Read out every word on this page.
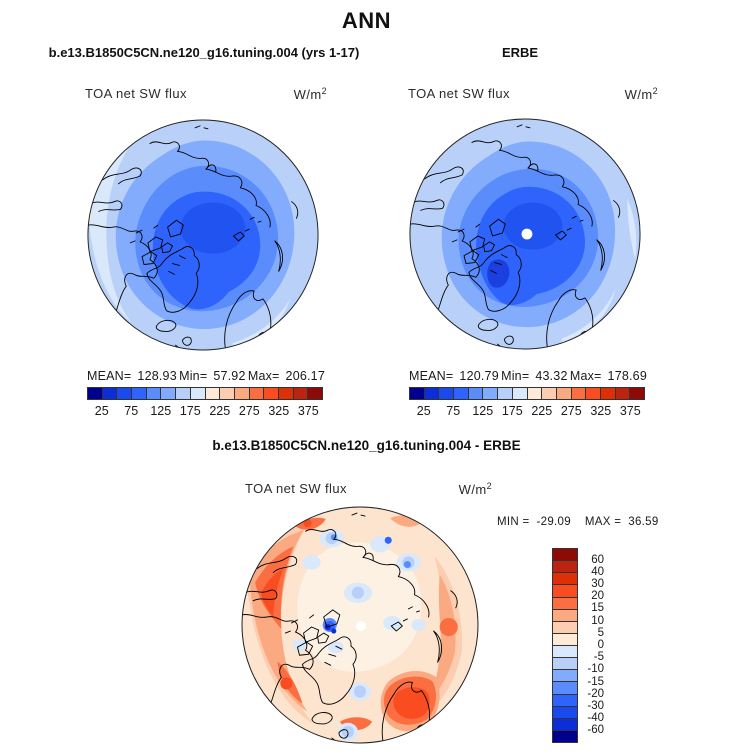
ANN
b.e13.B1850C5CN.ne120_g16.tuning.004 (yrs 1-17)	ERBE
TOA net SW flux	$W/m^2$	TOA net SW flux	$W/m^2$
MEAN= 128.93 Min= 57.92 Max= 206.17
25 75 125 175 225 275 325 375
MEAN= 120.79 Min= 43.32 Max= 178.69
25 75 125 175 225 275 325 375
b.e13.B1850C5CN.ne120_g16.tuning.004 - ERBE
TOA net SW flux	$W/m^2$
MIN = -29.09 MAX = 36.59
60
40
30
20
15
10
5
0
-5
-10
-15
-20
-30
-40
-60
